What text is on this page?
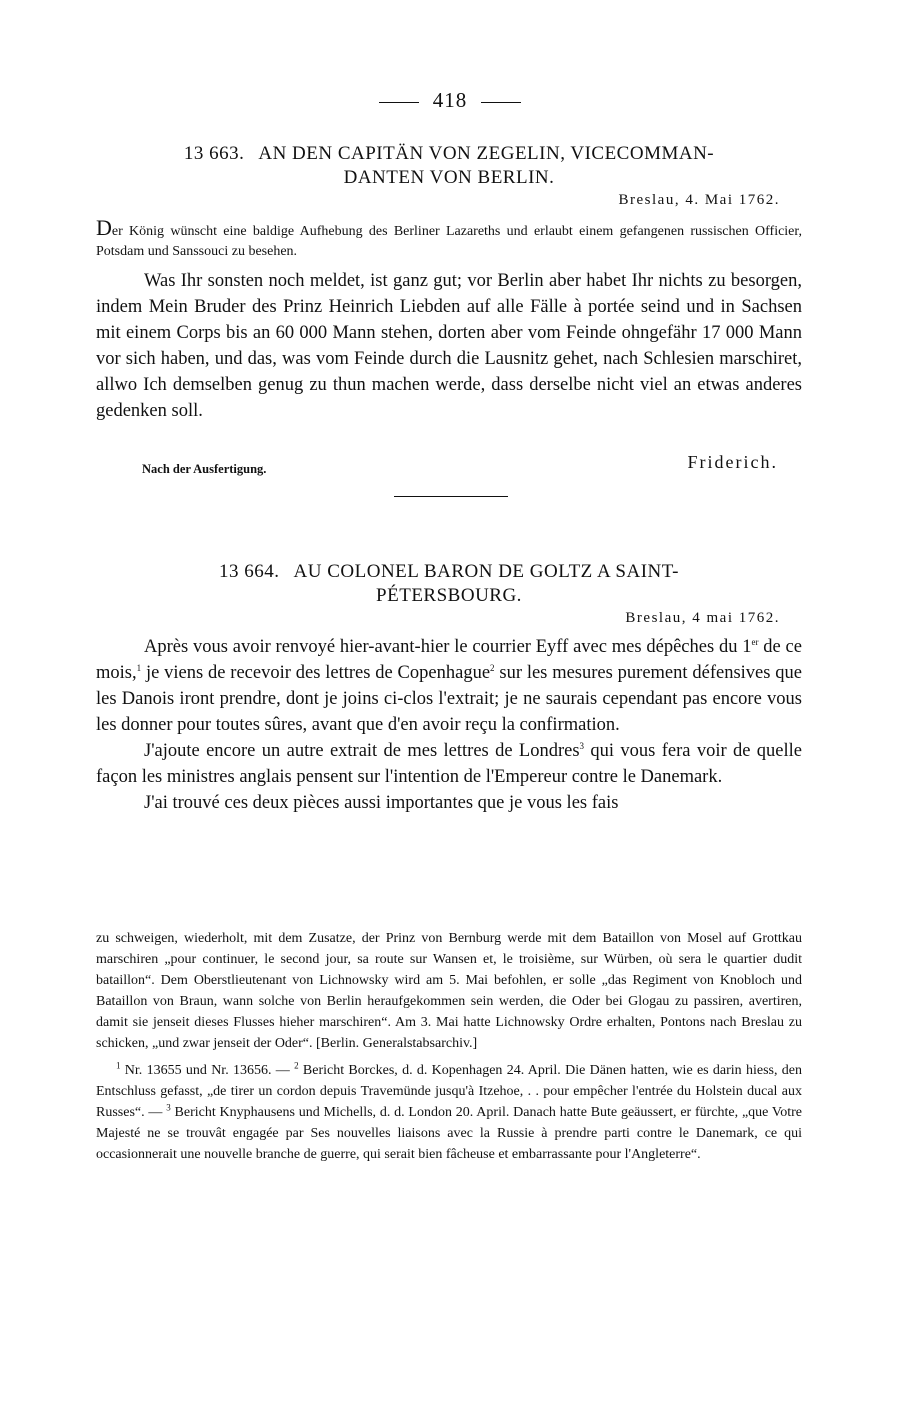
418
13 663. AN DEN CAPITÄN VON ZEGELIN, VICECOMMAN-
DANTEN VON BERLIN.
Breslau, 4. Mai 1762.
Der König wünscht eine baldige Aufhebung des Berliner Lazareths und erlaubt einem gefangenen russischen Officier, Potsdam und Sanssouci zu besehen.

Was Ihr sonsten noch meldet, ist ganz gut; vor Berlin aber habet Ihr nichts zu besorgen, indem Mein Bruder des Prinz Heinrich Liebden auf alle Fälle à portée seind und in Sachsen mit einem Corps bis an 60 000 Mann stehen, dorten aber vom Feinde ohngefähr 17 000 Mann vor sich haben, und das, was vom Feinde durch die Lausnitz gehet, nach Schlesien marschiret, allwo Ich demselben genug zu thun machen werde, dass derselbe nicht viel an etwas anderes gedenken soll.

Nach der Ausfertigung.	Friderich.
13 664. AU COLONEL BARON DE GOLTZ A SAINT-
PÉTERSBOURG.
Breslau, 4 mai 1762.

Après vous avoir renvoyé hier-avant-hier le courrier Eyff avec mes dépêches du 1er de ce mois,$^1$ je viens de recevoir des lettres de Copenhague$^2$ sur les mesures purement défensives que les Danois iront prendre, dont je joins ci-clos l'extrait; je ne saurais cependant pas encore vous les donner pour toutes sûres, avant que d'en avoir reçu la confirmation.

J'ajoute encore un autre extrait de mes lettres de Londres$^3$ qui vous fera voir de quelle façon les ministres anglais pensent sur l'intention de l'Empereur contre le Danemark.

J'ai trouvé ces deux pièces aussi importantes que je vous les fais

zu schweigen, wiederholt, mit dem Zusatze, der Prinz von Bernburg werde mit dem Bataillon von Mosel auf Grottkau marschiren „pour continuer, le second jour, sa route sur Wansen et, le troisième, sur Würben, où sera le quartier dudit bataillon“. Dem Oberstlieutenant von Lichnowsky wird am 5. Mai befohlen, er solle „das Regiment von Knobloch und Bataillon von Braun, wann solche von Berlin heraufgekommen sein werden, die Oder bei Glogau zu passiren, avertiren, damit sie jenseit dieses Flusses hieher marschiren“. Am 3. Mai hatte Lichnowsky Ordre erhalten, Pontons nach Breslau zu schicken, „und zwar jenseit der Oder“. [Berlin. Generalstabsarchiv.]

$^1$ Nr. 13655 und Nr. 13656. — $^2$ Bericht Borckes, d. d. Kopenhagen 24. April. Die Dänen hatten, wie es darin hiess, den Entschluss gefasst, „de tirer un cordon depuis Travemünde jusqu'à Itzehoe, . . pour empêcher l'entrée du Holstein ducal aux Russes“. — $^3$ Bericht Knyphausens und Michells, d. d. London 20. April. Danach hatte Bute geäussert, er fürchte, „que Votre Majesté ne se trouvât engagée par Ses nouvelles liaisons avec la Russie à prendre parti contre le Danemark, ce qui occasionnerait une nouvelle branche de guerre, qui serait bien fâcheuse et embarrassante pour l'Angleterre“.
